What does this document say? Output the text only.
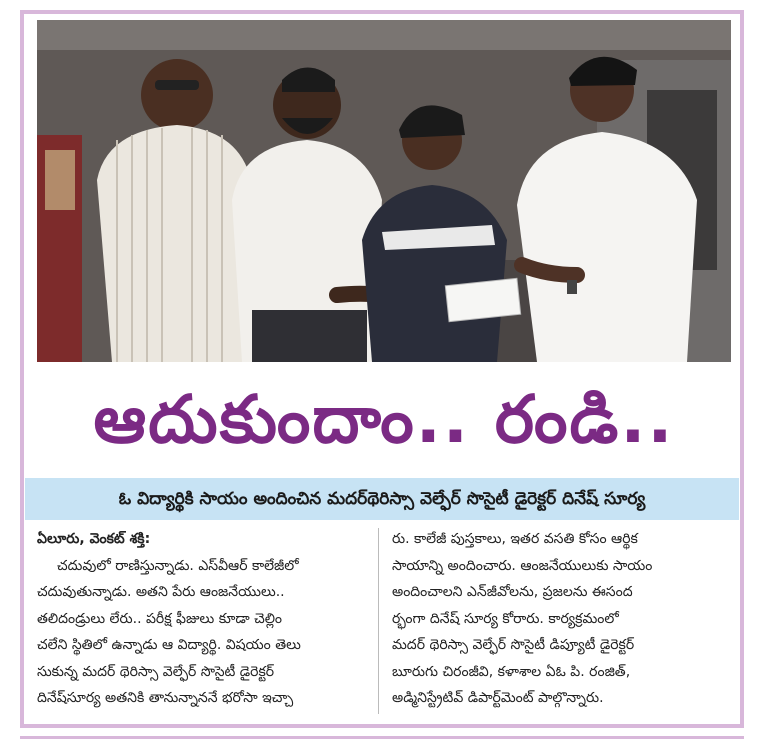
ఆదుకుందాం.. రండి..
ఓ విద్యార్థికి సాయం అందించిన మదర్‌థెరిస్సా వెల్ఫేర్ సొసైటీ డైరెక్టర్ దినేష్ సూర్య
ఏలూరు, వెంకట్ శక్తి:
చదువులో రాణిస్తున్నాడు. ఎస్‌వీఆర్ కాలేజీలో
చదువుతున్నాడు. అతని పేరు ఆంజనేయులు..
తలిదండ్రులు లేరు.. పరీక్ష ఫీజులు కూడా చెల్లిం
చలేని స్థితిలో ఉన్నాడు ఆ విద్యార్థి. విషయం తెలు
సుకున్న మదర్ థెరిస్సా వెల్ఫేర్ సొసైటీ డైరెక్టర్
దినేష్‌సూర్య అతనికి తానున్నాననే భరోసా ఇచ్చా
రు. కాలేజీ పుస్తకాలు, ఇతర వసతి కోసం ఆర్థిక
సాయాన్ని అందించారు. ఆంజనేయులుకు సాయం
అందించాలని ఎన్‌జీవోలను, ప్రజలను ఈసంద
ర్భంగా దినేష్ సూర్య కోరారు. కార్యక్రమంలో
మదర్ థెరిస్సా వెల్ఫేర్ సొసైటీ డిప్యూటీ డైరెక్టర్
బూరుగు చిరంజీవి, కళాశాల ఏఓ పి. రంజిత్,
అడ్మినిస్ట్రేటివ్ డిపార్ట్‌మెంట్ పాల్గొన్నారు.
